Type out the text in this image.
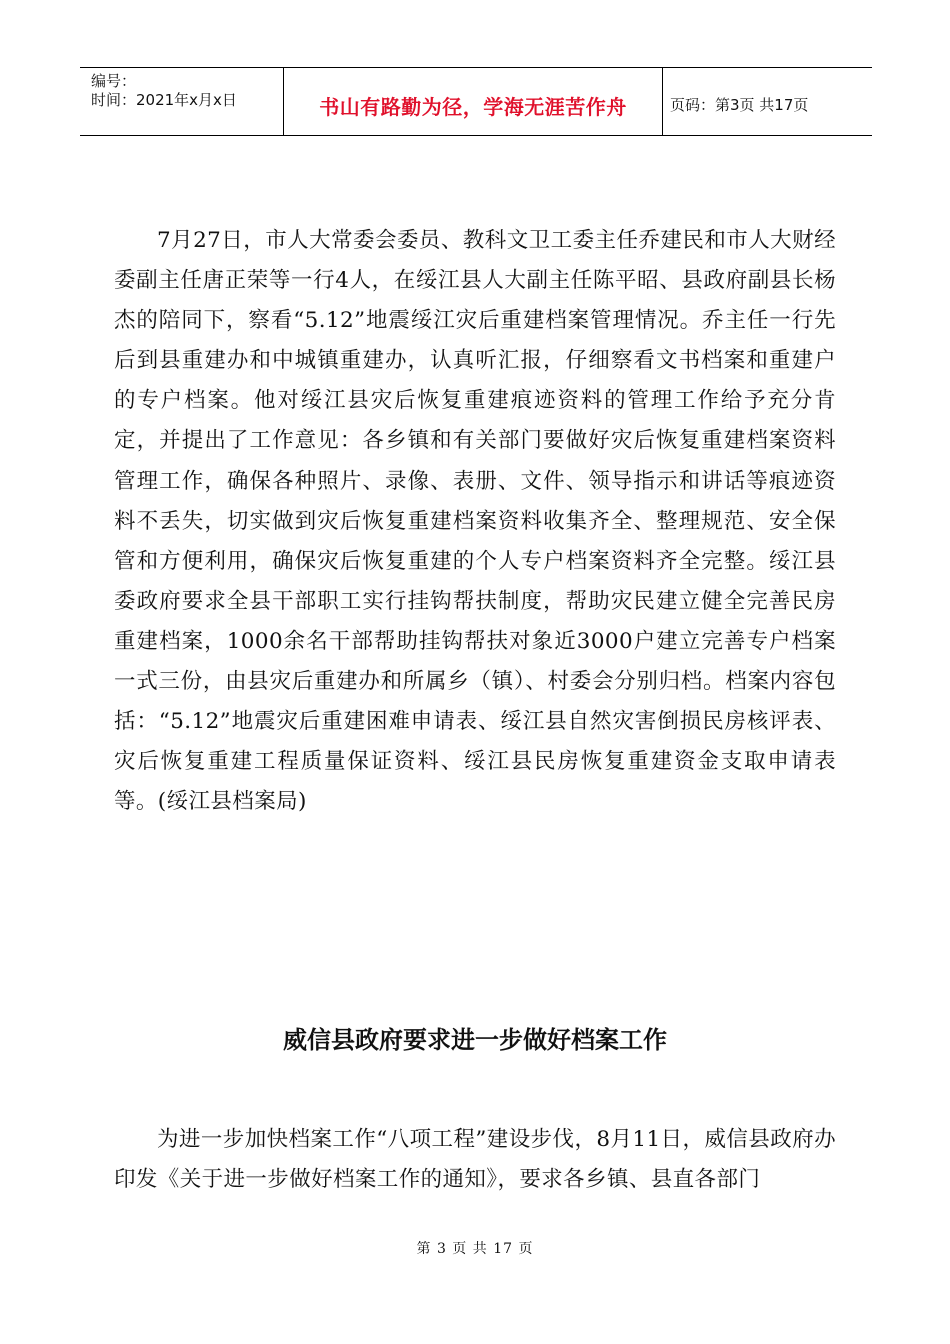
编号：
时间：2021年x月x日	书山有路勤为径，学海无涯苦作舟	页码：第3页 共17页

7月27日，市人大常委会委员、教科文卫工委主任乔建民和市人大财经委副主任唐正荣等一行4人，在绥江县人大副主任陈平昭、县政府副县长杨杰的陪同下，察看“5.12”地震绥江灾后重建档案管理情况。乔主任一行先后到县重建办和中城镇重建办，认真听汇报，仔细察看文书档案和重建户的专户档案。他对绥江县灾后恢复重建痕迹资料的管理工作给予充分肯定，并提出了工作意见：各乡镇和有关部门要做好灾后恢复重建档案资料管理工作，确保各种照片、录像、表册、文件、领导指示和讲话等痕迹资料不丢失，切实做到灾后恢复重建档案资料收集齐全、整理规范、安全保管和方便利用，确保灾后恢复重建的个人专户档案资料齐全完整。绥江县委政府要求全县干部职工实行挂钩帮扶制度，帮助灾民建立健全完善民房重建档案，1000余名干部帮助挂钩帮扶对象近3000户建立完善专户档案一式三份，由县灾后重建办和所属乡（镇）、村委会分别归档。档案内容包括：“5.12”地震灾后重建困难申请表、绥江县自然灾害倒损民房核评表、灾后恢复重建工程质量保证资料、绥江县民房恢复重建资金支取申请表等。(绥江县档案局)

威信县政府要求进一步做好档案工作

为进一步加快档案工作“八项工程”建设步伐，8月11日，威信县政府办印发《关于进一步做好档案工作的通知》，要求各乡镇、县直各部门

第 3 页 共 17 页
